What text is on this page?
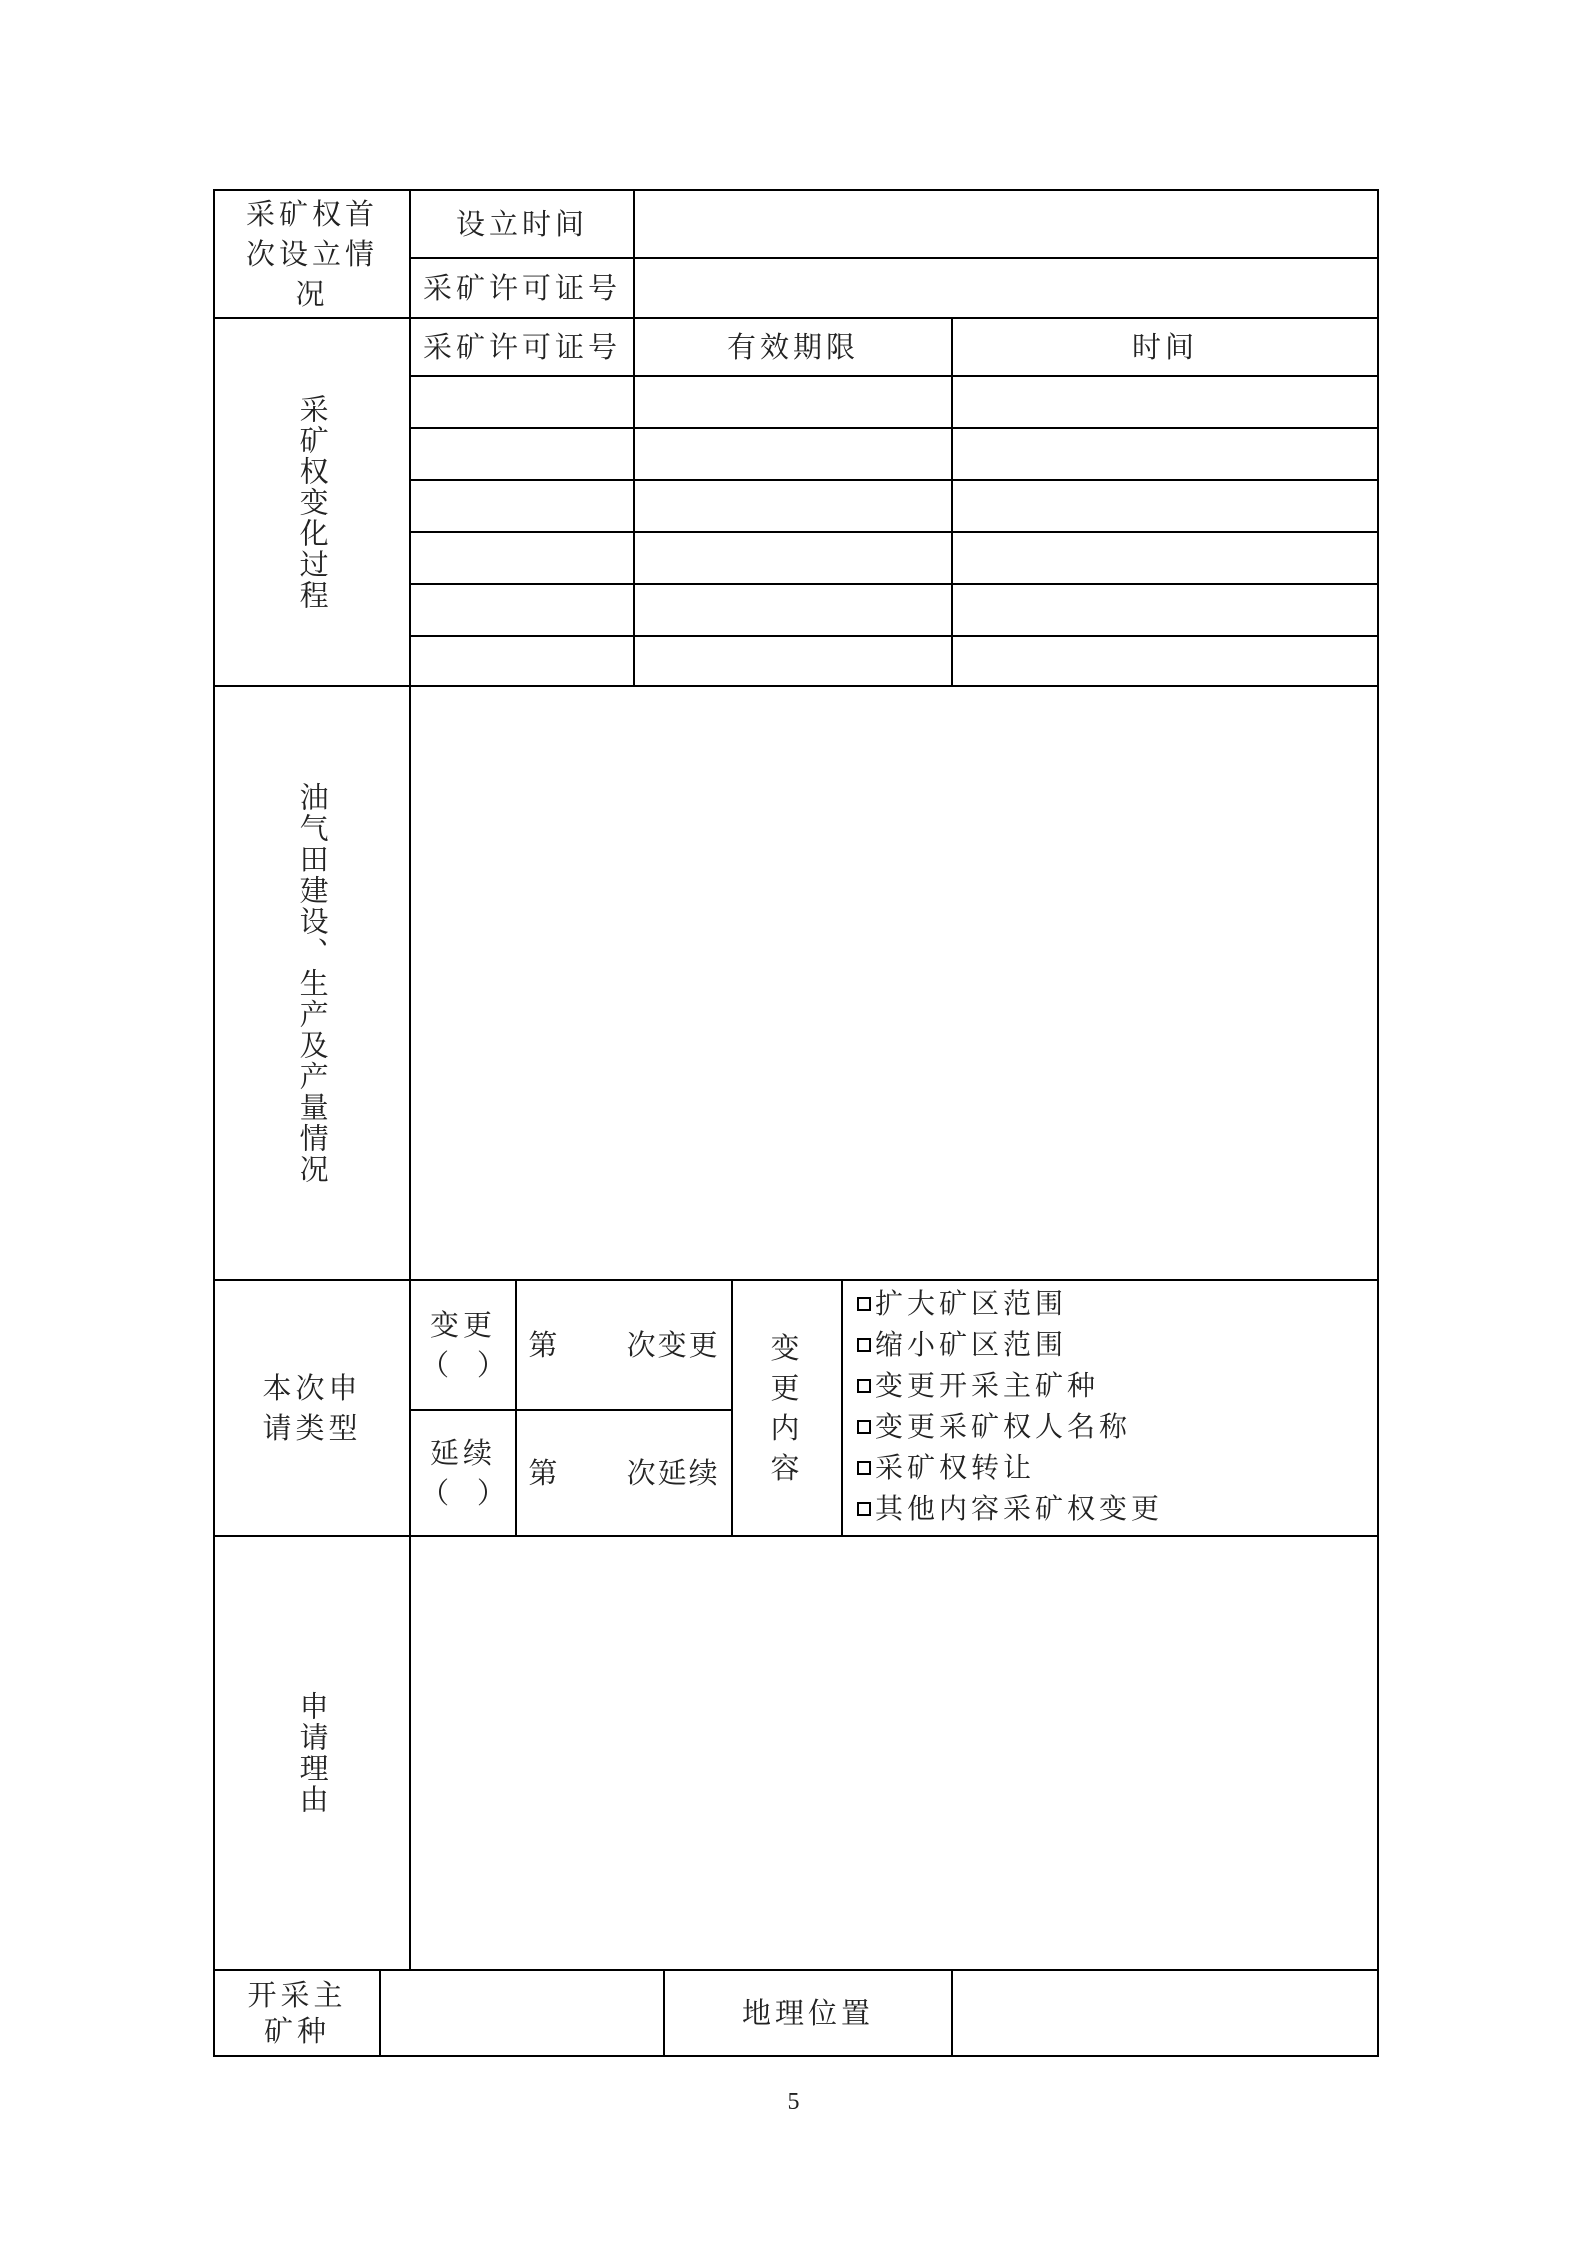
采矿权首次设立情况
设立时间
采矿许可证号
采矿权变化过程
采矿许可证号	有效期限	时间
油气田建设、生产及产量情况
本次申请类型
变更
（   ）
第      次变更
延续
（   ）
第      次延续
变更内容
扩大矿区范围
缩小矿区范围
变更开采主矿种
变更采矿权人名称
采矿权转让
其他内容采矿权变更
申请理由
开采主矿种
地理位置
5
